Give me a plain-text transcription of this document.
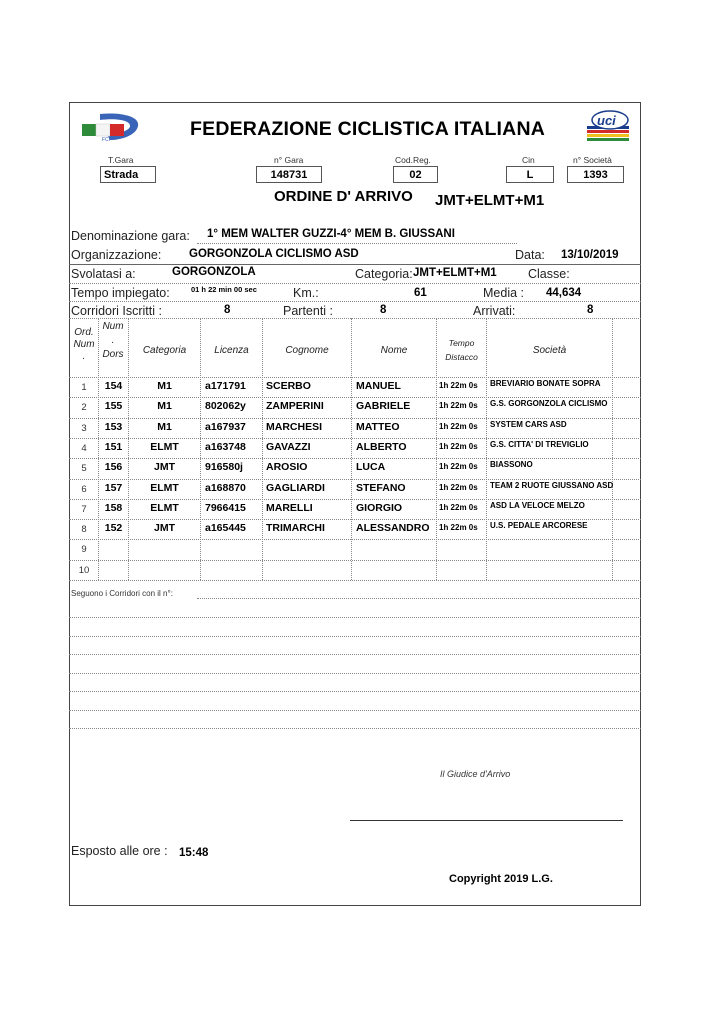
FCI
uci
FEDERAZIONE CICLISTICA ITALIANA
T.Gara
Strada
n° Gara
148731
Cod.Reg.
02
Cin
L
n° Società
1393
ORDINE D' ARRIVO JMT+ELMT+M1
Denominazione gara: 1° MEM WALTER GUZZI-4° MEM B. GIUSSANI
Organizzazione: GORGONZOLA CICLISMO ASD	Data: 13/10/2019
Svolatasi a:	GORGONZOLA	Categoria: JMT+ELMT+M1	Classe:
Tempo impiegato:	01 h 22 min 00 sec	Km.:	61	Media : 44,634
Corridori Iscritti :	8	Partenti :	8	Arrivati:	8
Ord.
Num
.
Num
.
Dors	Categoria	Licenza	Cognome	Nome
Tempo
Distacco
Società
1	154	M1	a171791	SCERBO	MANUEL	1h 22m 0s	BREVIARIO BONATE SOPRA
2	155	M1	802062y	ZAMPERINI	GABRIELE	1h 22m 0s	G.S. GORGONZOLA CICLISMO
3	153	M1	a167937	MARCHESI	MATTEO	1h 22m 0s	SYSTEM CARS ASD
4	151	ELMT	a163748	GAVAZZI	ALBERTO	1h 22m 0s	G.S. CITTA' DI TREVIGLIO
5	156	JMT	916580j	AROSIO	LUCA	1h 22m 0s	BIASSONO
6	157	ELMT	a168870	GAGLIARDI	STEFANO	1h 22m 0s	TEAM 2 RUOTE GIUSSANO ASD
7	158	ELMT	7966415	MARELLI	GIORGIO	1h 22m 0s	ASD LA VELOCE MELZO
8	152	JMT	a165445	TRIMARCHI	ALESSANDRO	1h 22m 0s	U.S. PEDALE ARCORESE
9
10
Seguono i Corridori con il n°:
Il Giudice d'Arrivo
Esposto alle ore : 15:48
Copyright 2019 L.G.
